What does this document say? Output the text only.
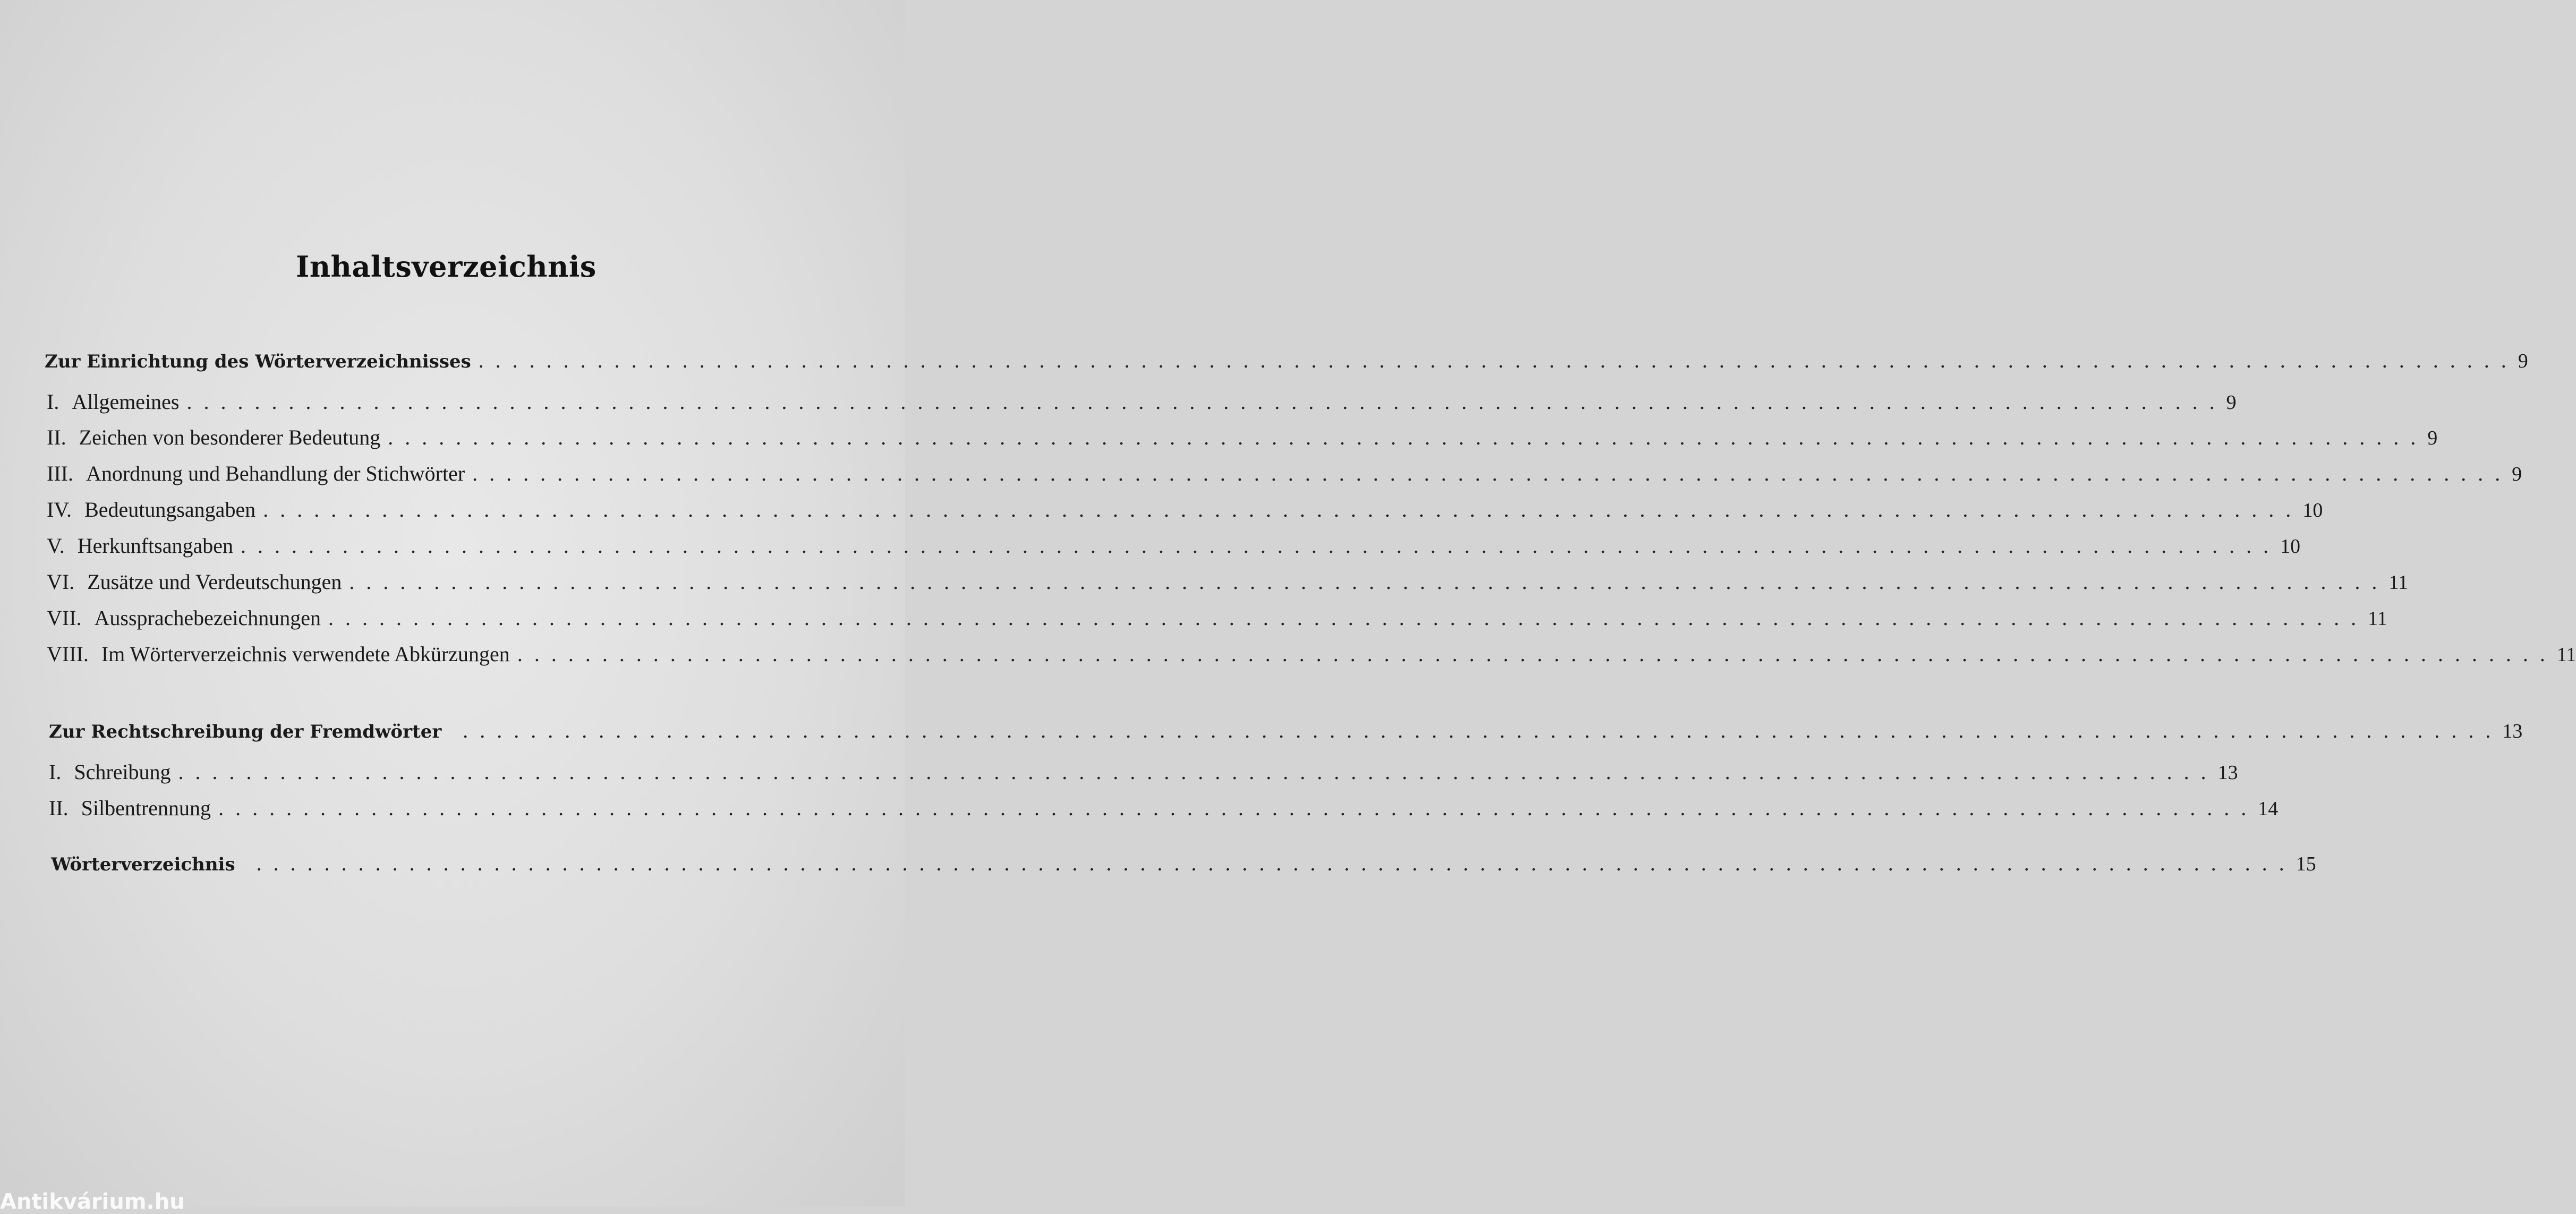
Inhaltsverzeichnis
Zur Einrichtung des Wörterverzeichnisses ........................................................................................................................ 9
I. Allgemeines ........................................................................................................................ 9
II. Zeichen von besonderer Bedeutung ........................................................................................................................ 9
III. Anordnung und Behandlung der Stichwörter ........................................................................................................................ 9
IV. Bedeutungsangaben ........................................................................................................................ 10
V. Herkunftsangaben ........................................................................................................................ 10
VI. Zusätze und Verdeutschungen ........................................................................................................................ 11
VII. Aussprachebezeichnungen ........................................................................................................................ 11
VIII. Im Wörterverzeichnis verwendete Abkürzungen ........................................................................................................................ 11
Zur Rechtschreibung der Fremdwörter	........................................................................................................................ 13
I. Schreibung ........................................................................................................................ 13
II. Silbentrennung ........................................................................................................................ 14
Wörterverzeichnis	........................................................................................................................ 15
Antikvárium.hu
